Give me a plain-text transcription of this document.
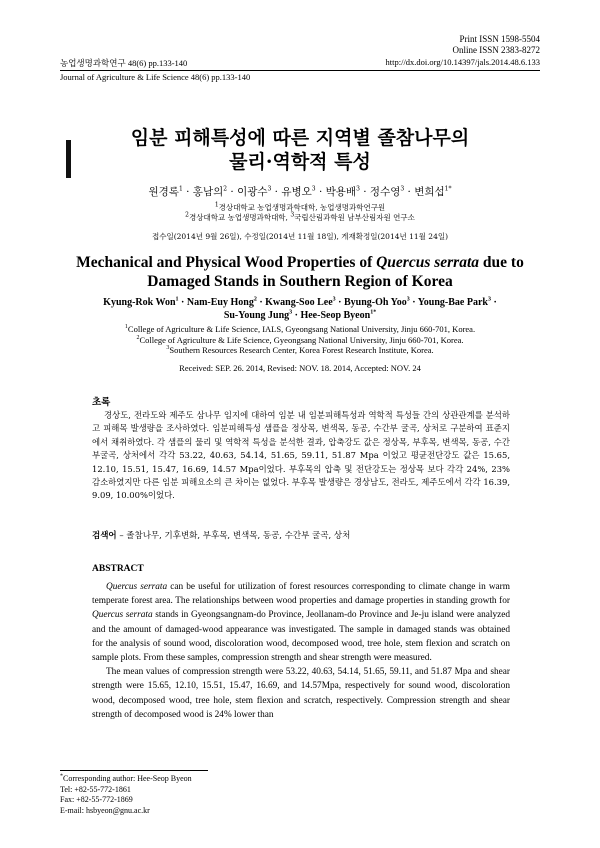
Print ISSN 1598-5504
Online ISSN 2383-8272
농업생명과학연구 48(6) pp.133-140	http://dx.doi.org/10.14397/jals.2014.48.6.133
Journal of Agriculture & Life Science 48(6) pp.133-140
임분 피해특성에 따른 지역별 졸참나무의
물리·역학적 특성
원경록$^1$ · 홍남의$^2$ · 이광수$^3$ · 유병오$^3$ · 박용배$^3$ · 정수영$^3$ · 변희섭$^{1*}$
$^1$경상대학교 농업생명과학대학, 농업생명과학연구원
$^2$경상대학교 농업생명과학대학, $^3$국립산림과학원 남부산림자원 연구소
접수일(2014년 9월 26일), 수정일(2014년 11월 18일), 게재확정일(2014년 11월 24일)
Mechanical and Physical Wood Properties of Quercus serrata due to
Damaged Stands in Southern Region of Korea
Kyung-Rok Won$^1$ · Nam-Euy Hong$^2$ · Kwang-Soo Lee$^3$ · Byung-Oh Yoo$^3$ · Young-Bae Park$^3$ ·
Su-Young Jung$^3$ · Hee-Seop Byeon$^{1*}$
$^1$College of Agriculture & Life Science, IALS, Gyeongsang National University, Jinju 660-701, Korea.
$^2$College of Agriculture & Life Science, Gyeongsang National University, Jinju 660-701, Korea.
$^3$Southern Resources Research Center, Korea Forest Research Institute, Korea.
Received: SEP. 26. 2014, Revised: NOV. 18. 2014, Accepted: NOV. 24
초록

경상도, 전라도와 제주도 삼나무 임지에 대하여 임분 내 임분피해특성과 역학적 특성들 간의 상관관계를 분석하고 피해목 발생량을 조사하였다. 임분피해특성 샘플을 정상목, 변색목, 동공, 수간부 굴곡, 상처로 구분하여 표준지에서 채취하였다. 각 샘플의 물리 및 역학적 특성을 분석한 결과, 압축강도 값은 정상목, 부후목, 변색목, 동공, 수간부굴곡, 상처에서 각각 53.22, 40.63, 54.14, 51.65, 59.11, 51.87 Mpa 이었고 평균전단강도 값은 15.65, 12.10, 15.51, 15.47, 16.69, 14.57 Mpa이었다. 부후목의 압축 및 전단강도는 정상목 보다 각각 24%, 23% 감소하였지만 다른 임분 피해요소의 큰 차이는 없었다. 부후목 발생량은 경상남도, 전라도, 제주도에서 각각 16.39, 9.09, 10.00%이었다.

검색어 – 졸참나무, 기후변화, 부후목, 변색목, 동공, 수간부 굴곡, 상처
ABSTRACT

Quercus serrata can be useful for utilization of forest resources corresponding to climate change in warm temperate forest area. The relationships between wood properties and damage properties in standing growth for Quercus serrata stands in Gyeongsangnam-do Province, Jeollanam-do Province and Je-ju island were analyzed and the amount of damaged-wood appearance was investigated. The sample in damaged stands was obtained for the analysis of sound wood, discoloration wood, decomposed wood, tree hole, stem flexion and scratch on sample plots. From these samples, compression strength and shear strength were measured.

The mean values of compression strength were 53.22, 40.63, 54.14, 51.65, 59.11, and 51.87 Mpa and shear strength were 15.65, 12.10, 15.51, 15.47, 16.69, and 14.57Mpa, respectively for sound wood, discoloration wood, decomposed wood, tree hole, stem flexion and scratch, respectively. Compression strength and shear strength of decomposed wood is 24% lower than

*Corresponding author: Hee-Seop Byeon
Tel: +82-55-772-1861
Fax: +82-55-772-1869
E-mail: hsbyeon@gnu.ac.kr
